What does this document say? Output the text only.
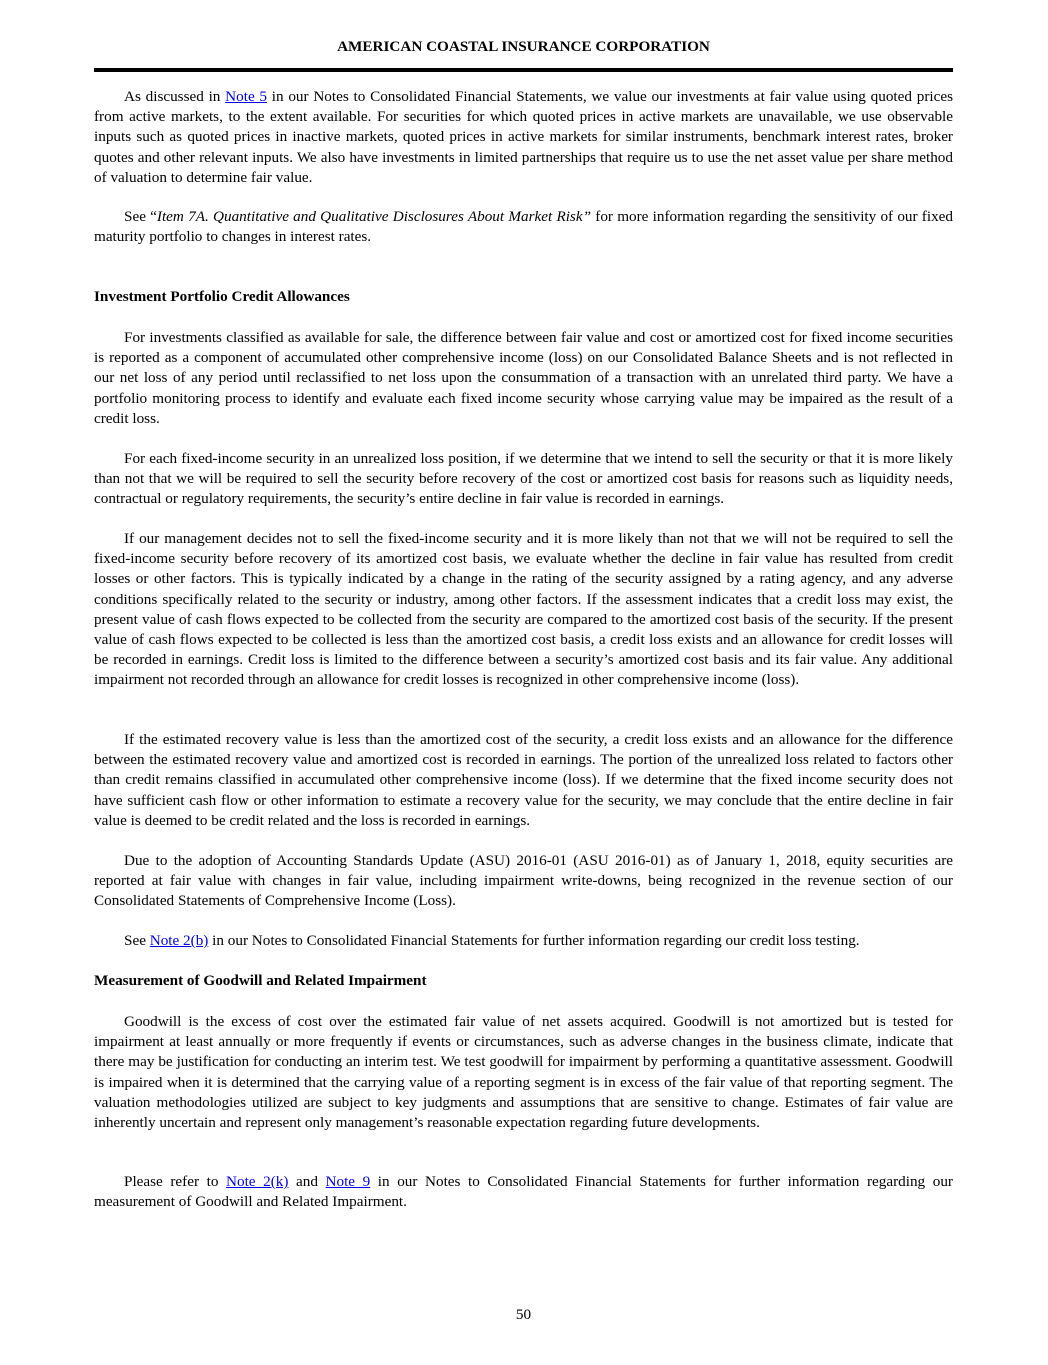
AMERICAN COASTAL INSURANCE CORPORATION

As discussed in Note 5 in our Notes to Consolidated Financial Statements, we value our investments at fair value using quoted prices from active markets, to the extent available. For securities for which quoted prices in active markets are unavailable, we use observable inputs such as quoted prices in inactive markets, quoted prices in active markets for similar instruments, benchmark interest rates, broker quotes and other relevant inputs. We also have investments in limited partnerships that require us to use the net asset value per share method of valuation to determine fair value.

See “Item 7A. Quantitative and Qualitative Disclosures About Market Risk” for more information regarding the sensitivity of our fixed maturity portfolio to changes in interest rates.

Investment Portfolio Credit Allowances

For investments classified as available for sale, the difference between fair value and cost or amortized cost for fixed income securities is reported as a component of accumulated other comprehensive income (loss) on our Consolidated Balance Sheets and is not reflected in our net loss of any period until reclassified to net loss upon the consummation of a transaction with an unrelated third party. We have a portfolio monitoring process to identify and evaluate each fixed income security whose carrying value may be impaired as the result of a credit loss.

For each fixed-income security in an unrealized loss position, if we determine that we intend to sell the security or that it is more likely than not that we will be required to sell the security before recovery of the cost or amortized cost basis for reasons such as liquidity needs, contractual or regulatory requirements, the security’s entire decline in fair value is recorded in earnings.

If our management decides not to sell the fixed-income security and it is more likely than not that we will not be required to sell the fixed-income security before recovery of its amortized cost basis, we evaluate whether the decline in fair value has resulted from credit losses or other factors. This is typically indicated by a change in the rating of the security assigned by a rating agency, and any adverse conditions specifically related to the security or industry, among other factors. If the assessment indicates that a credit loss may exist, the present value of cash flows expected to be collected from the security are compared to the amortized cost basis of the security. If the present value of cash flows expected to be collected is less than the amortized cost basis, a credit loss exists and an allowance for credit losses will be recorded in earnings. Credit loss is limited to the difference between a security’s amortized cost basis and its fair value. Any additional impairment not recorded through an allowance for credit losses is recognized in other comprehensive income (loss).

If the estimated recovery value is less than the amortized cost of the security, a credit loss exists and an allowance for the difference between the estimated recovery value and amortized cost is recorded in earnings. The portion of the unrealized loss related to factors other than credit remains classified in accumulated other comprehensive income (loss). If we determine that the fixed income security does not have sufficient cash flow or other information to estimate a recovery value for the security, we may conclude that the entire decline in fair value is deemed to be credit related and the loss is recorded in earnings.

Due to the adoption of Accounting Standards Update (ASU) 2016-01 (ASU 2016-01) as of January 1, 2018, equity securities are reported at fair value with changes in fair value, including impairment write-downs, being recognized in the revenue section of our Consolidated Statements of Comprehensive Income (Loss).

See Note 2(b) in our Notes to Consolidated Financial Statements for further information regarding our credit loss testing.

Measurement of Goodwill and Related Impairment

Goodwill is the excess of cost over the estimated fair value of net assets acquired. Goodwill is not amortized but is tested for impairment at least annually or more frequently if events or circumstances, such as adverse changes in the business climate, indicate that there may be justification for conducting an interim test. We test goodwill for impairment by performing a quantitative assessment. Goodwill is impaired when it is determined that the carrying value of a reporting segment is in excess of the fair value of that reporting segment. The valuation methodologies utilized are subject to key judgments and assumptions that are sensitive to change. Estimates of fair value are inherently uncertain and represent only management’s reasonable expectation regarding future developments.

Please refer to Note 2(k) and Note 9 in our Notes to Consolidated Financial Statements for further information regarding our measurement of Goodwill and Related Impairment.

50
